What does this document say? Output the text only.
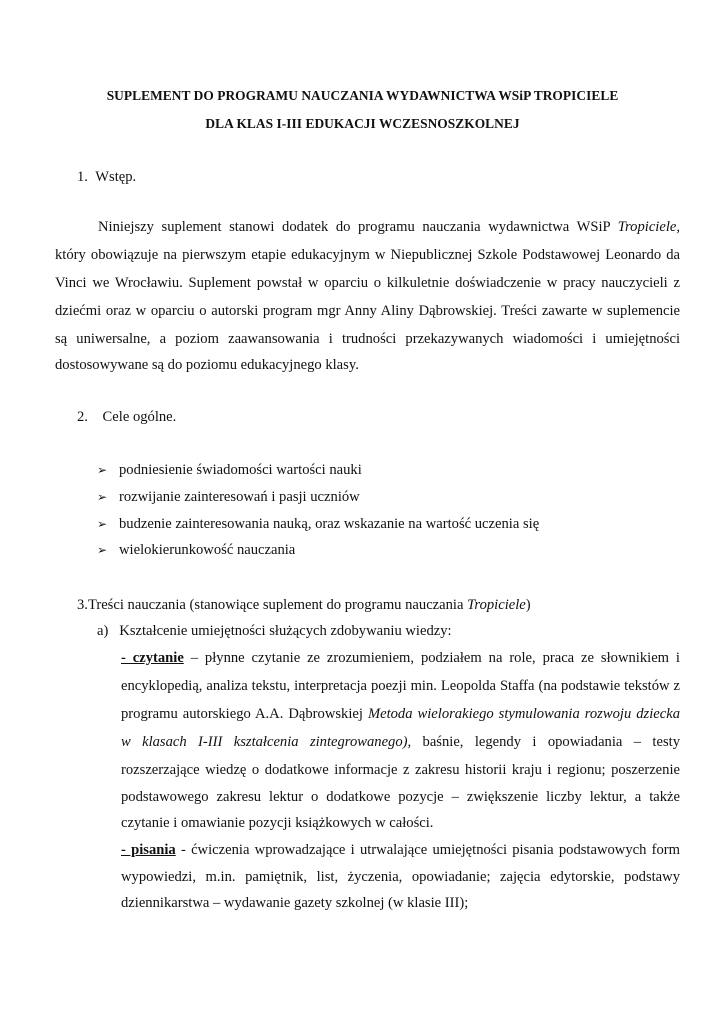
SUPLEMENT DO PROGRAMU NAUCZANIA WYDAWNICTWA WSiP TROPICIELE
DLA KLAS I-III EDUKACJI WCZESNOSZKOLNEJ
1. Wstęp.
Niniejszy suplement stanowi dodatek do programu nauczania wydawnictwa WSiP Tropiciele,
który obowiązuje na pierwszym etapie edukacyjnym w Niepublicznej Szkole Podstawowej Leonardo da
Vinci we Wrocławiu. Suplement powstał w oparciu o kilkuletnie doświadczenie w pracy nauczycieli z
dziećmi oraz w oparciu o autorski program mgr Anny Aliny Dąbrowskiej. Treści zawarte w suplemencie
są uniwersalne, a poziom zaawansowania i trudności przekazywanych wiadomości i umiejętności
dostosowywane są do poziomu edukacyjnego klasy.
2. Cele ogólne.
➢ podniesienie świadomości wartości nauki
➢ rozwijanie zainteresowań i pasji uczniów
➢ budzenie zainteresowania nauką, oraz wskazanie na wartość uczenia się
➢ wielokierunkowość nauczania
3.Treści nauczania (stanowiące suplement do programu nauczania Tropiciele)
a) Kształcenie umiejętności służących zdobywaniu wiedzy:
- czytanie – płynne czytanie ze zrozumieniem, podziałem na role, praca ze słownikiem i
encyklopedią, analiza tekstu, interpretacja poezji min. Leopolda Staffa (na podstawie tekstów z
programu autorskiego A.A. Dąbrowskiej Metoda wielorakiego stymulowania rozwoju dziecka
w klasach I-III kształcenia zintegrowanego), baśnie, legendy i opowiadania – testy
rozszerzające wiedzę o dodatkowe informacje z zakresu historii kraju i regionu; poszerzenie
podstawowego zakresu lektur o dodatkowe pozycje – zwiększenie liczby lektur, a także
czytanie i omawianie pozycji książkowych w całości.
- pisania - ćwiczenia wprowadzające i utrwalające umiejętności pisania podstawowych form
wypowiedzi, m.in. pamiętnik, list, życzenia, opowiadanie; zajęcia edytorskie, podstawy
dziennikarstwa – wydawanie gazety szkolnej (w klasie III);
